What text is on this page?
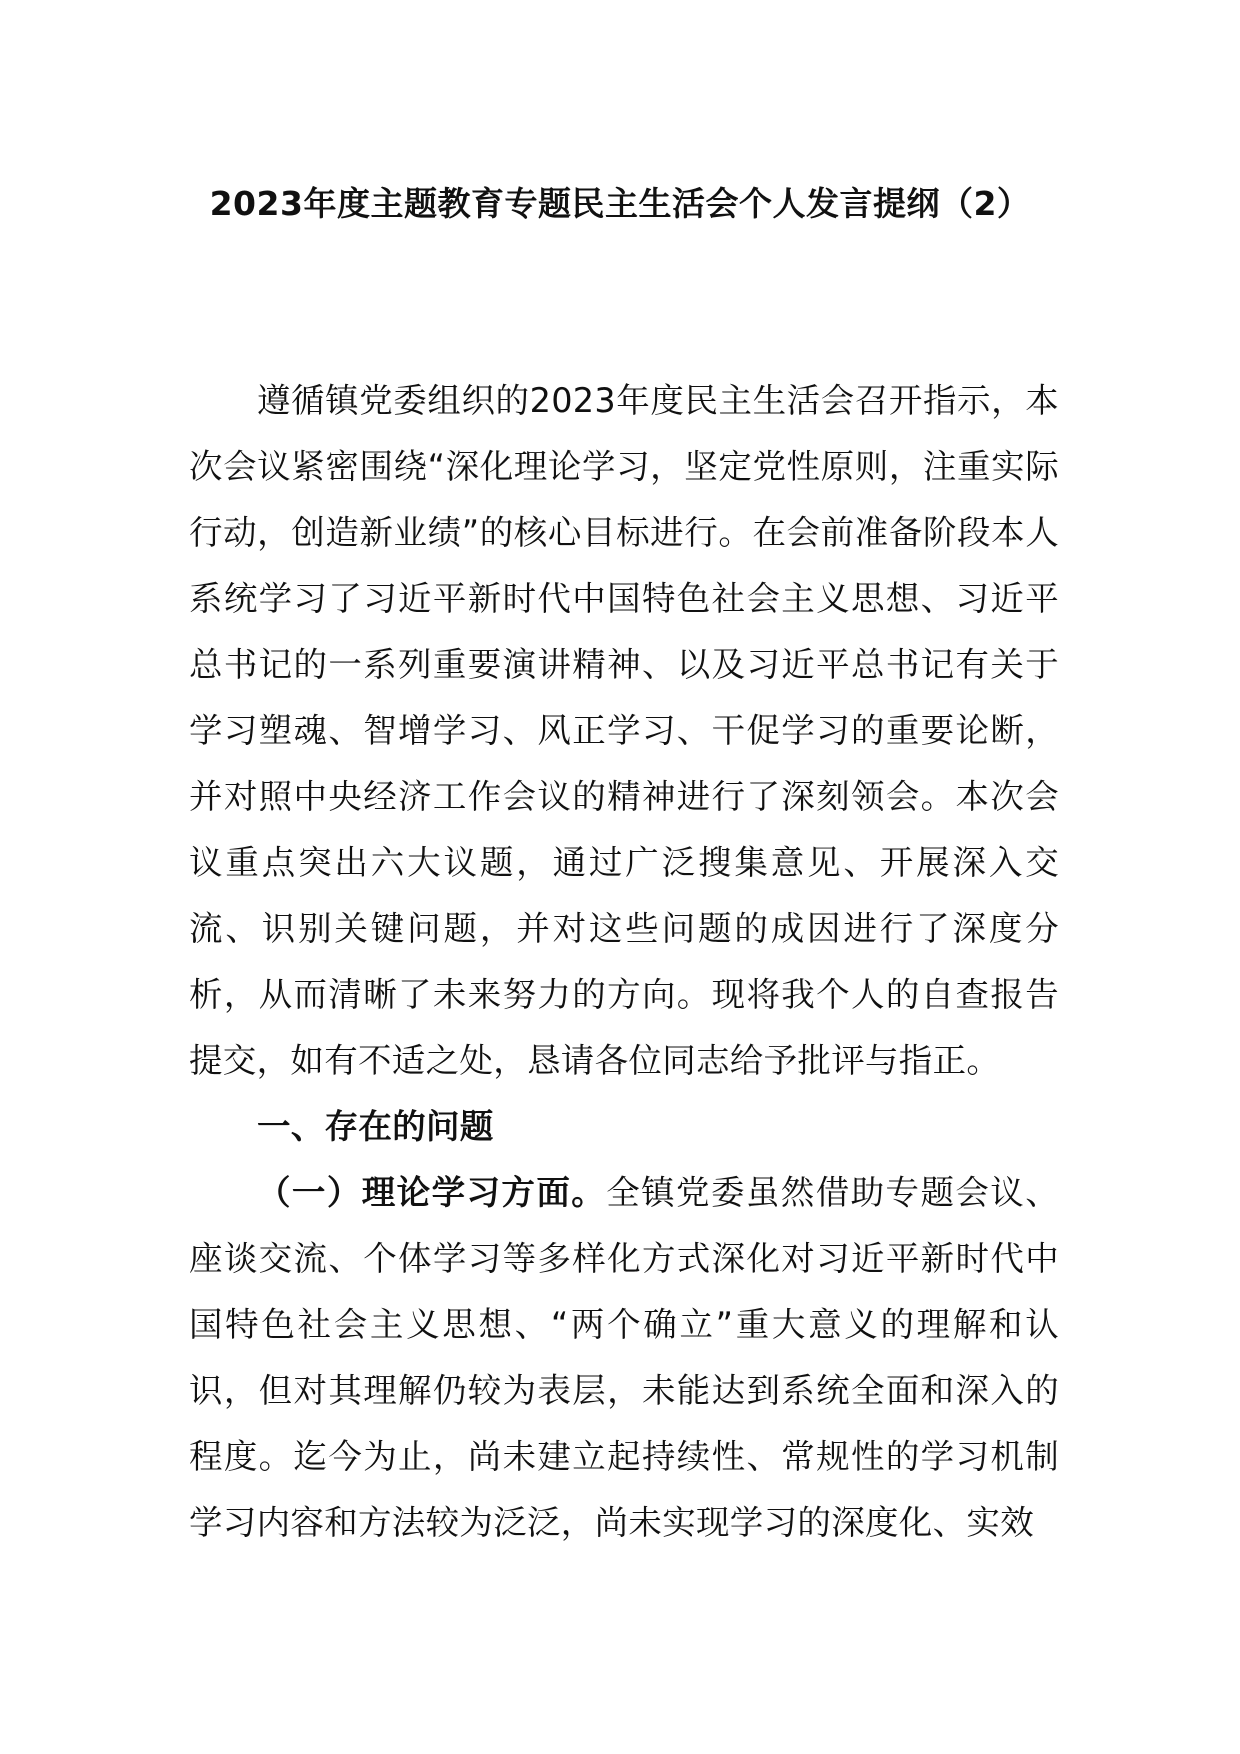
2023年度主题教育专题民主生活会个人发言提纲（2）

遵循镇党委组织的2023年度民主生活会召开指示，本次会议紧密围绕“深化理论学习，坚定党性原则，注重实际行动，创造新业绩”的核心目标进行。在会前准备阶段本人系统学习了习近平新时代中国特色社会主义思想、习近平总书记的一系列重要演讲精神、以及习近平总书记有关于学习塑魂、智增学习、风正学习、干促学习的重要论断，并对照中央经济工作会议的精神进行了深刻领会。本次会议重点突出六大议题，通过广泛搜集意见、开展深入交流、识别关键问题，并对这些问题的成因进行了深度分析，从而清晰了未来努力的方向。现将我个人的自查报告提交，如有不适之处，恳请各位同志给予批评与指正。

一、存在的问题

（一）理论学习方面。全镇党委虽然借助专题会议、座谈交流、个体学习等多样化方式深化对习近平新时代中国特色社会主义思想、“两个确立”重大意义的理解和认识，但对其理解仍较为表层，未能达到系统全面和深入的程度。迄今为止，尚未建立起持续性、常规性的学习机制学习内容和方法较为泛泛，尚未实现学习的深度化、实效
